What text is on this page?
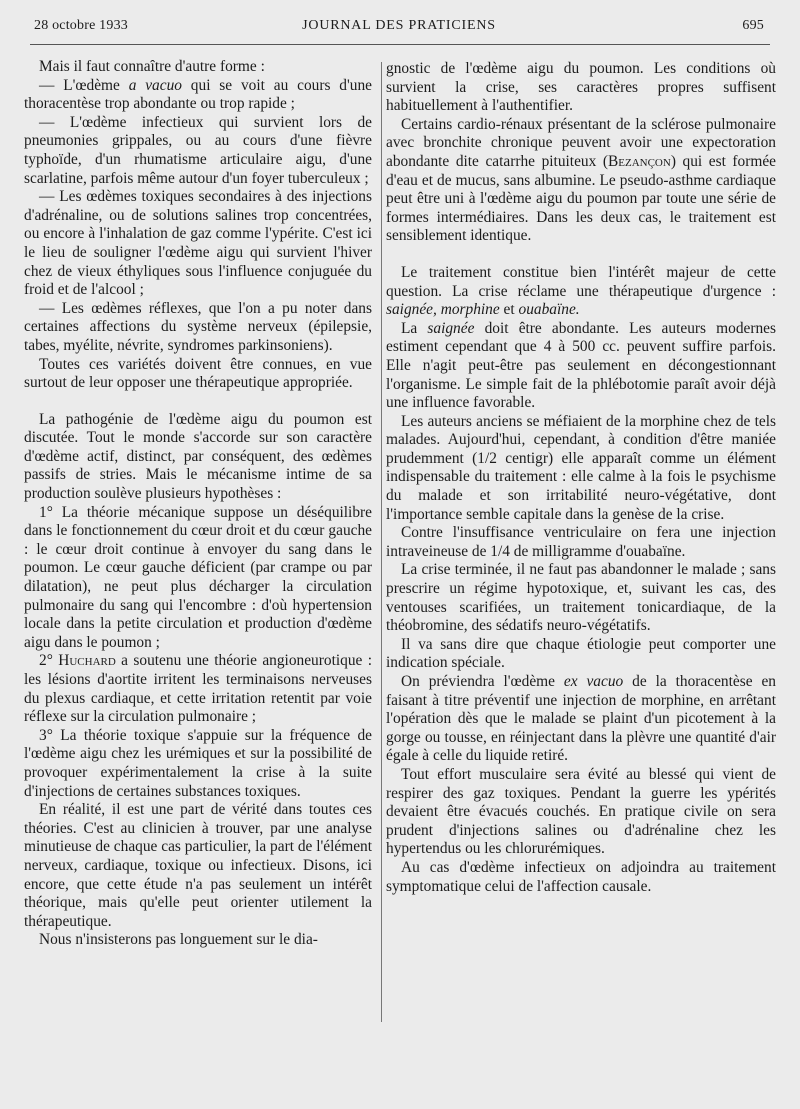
28 octobre 1933	JOURNAL DES PRATICIENS	695

Mais il faut connaître d'autre forme :

— L'œdème a vacuo qui se voit au cours d'une thoracentèse trop abondante ou trop rapide ;

— L'œdème infectieux qui survient lors de pneumonies grippales, ou au cours d'une fièvre typhoïde, d'un rhumatisme articulaire aigu, d'une scarlatine, parfois même autour d'un foyer tuberculeux ;

— Les œdèmes toxiques secondaires à des injections d'adrénaline, ou de solutions salines trop concentrées, ou encore à l'inhalation de gaz comme l'ypérite. C'est ici le lieu de souligner l'œdème aigu qui survient l'hiver chez de vieux éthyliques sous l'influence conjuguée du froid et de l'alcool ;

— Les œdèmes réflexes, que l'on a pu noter dans certaines affections du système nerveux (épilepsie, tabes, myélite, névrite, syndromes parkinsoniens).

Toutes ces variétés doivent être connues, en vue surtout de leur opposer une thérapeutique appropriée.

La pathogénie de l'œdème aigu du poumon est discutée. Tout le monde s'accorde sur son caractère d'œdème actif, distinct, par conséquent, des œdèmes passifs de stries. Mais le mécanisme intime de sa production soulève plusieurs hypothèses :

1° La théorie mécanique suppose un déséquilibre dans le fonctionnement du cœur droit et du cœur gauche : le cœur droit continue à envoyer du sang dans le poumon. Le cœur gauche déficient (par crampe ou par dilatation), ne peut plus décharger la circulation pulmonaire du sang qui l'encombre : d'où hypertension locale dans la petite circulation et production d'œdème aigu dans le poumon ;

2° Huchard a soutenu une théorie angioneurotique : les lésions d'aortite irritent les terminaisons nerveuses du plexus cardiaque, et cette irritation retentit par voie réflexe sur la circulation pulmonaire ;

3° La théorie toxique s'appuie sur la fréquence de l'œdème aigu chez les urémiques et sur la possibilité de provoquer expérimentalement la crise à la suite d'injections de certaines substances toxiques.

En réalité, il est une part de vérité dans toutes ces théories. C'est au clinicien à trouver, par une analyse minutieuse de chaque cas particulier, la part de l'élément nerveux, cardiaque, toxique ou infectieux. Disons, ici encore, que cette étude n'a pas seulement un intérêt théorique, mais qu'elle peut orienter utilement la thérapeutique.

Nous n'insisterons pas longuement sur le dia-

gnostic de l'œdème aigu du poumon. Les conditions où survient la crise, ses caractères propres suffisent habituellement à l'authentifier.

Certains cardio-rénaux présentant de la sclérose pulmonaire avec bronchite chronique peuvent avoir une expectoration abondante dite catarrhe pituiteux (Bezançon) qui est formée d'eau et de mucus, sans albumine. Le pseudo-asthme cardiaque peut être uni à l'œdème aigu du poumon par toute une série de formes intermédiaires. Dans les deux cas, le traitement est sensiblement identique.

Le traitement constitue bien l'intérêt majeur de cette question. La crise réclame une thérapeutique d'urgence : saignée, morphine et ouabaïne.

La saignée doit être abondante. Les auteurs modernes estiment cependant que 4 à 500 cc. peuvent suffire parfois. Elle n'agit peut-être pas seulement en décongestionnant l'organisme. Le simple fait de la phlébotomie paraît avoir déjà une influence favorable.

Les auteurs anciens se méfiaient de la morphine chez de tels malades. Aujourd'hui, cependant, à condition d'être maniée prudemment (1/2 centigr) elle apparaît comme un élément indispensable du traitement : elle calme à la fois le psychisme du malade et son irritabilité neuro-végétative, dont l'importance semble capitale dans la genèse de la crise.

Contre l'insuffisance ventriculaire on fera une injection intraveineuse de 1/4 de milligramme d'ouabaïne.

La crise terminée, il ne faut pas abandonner le malade ; sans prescrire un régime hypotoxique, et, suivant les cas, des ventouses scarifiées, un traitement tonicardiaque, de la théobromine, des sédatifs neuro-végétatifs.

Il va sans dire que chaque étiologie peut comporter une indication spéciale.

On préviendra l'œdème ex vacuo de la thoracentèse en faisant à titre préventif une injection de morphine, en arrêtant l'opération dès que le malade se plaint d'un picotement à la gorge ou tousse, en réinjectant dans la plèvre une quantité d'air égale à celle du liquide retiré.

Tout effort musculaire sera évité au blessé qui vient de respirer des gaz toxiques. Pendant la guerre les ypérités devaient être évacués couchés. En pratique civile on sera prudent d'injections salines ou d'adrénaline chez les hypertendus ou les chlorurémiques.

Au cas d'œdème infectieux on adjoindra au traitement symptomatique celui de l'affection causale.
